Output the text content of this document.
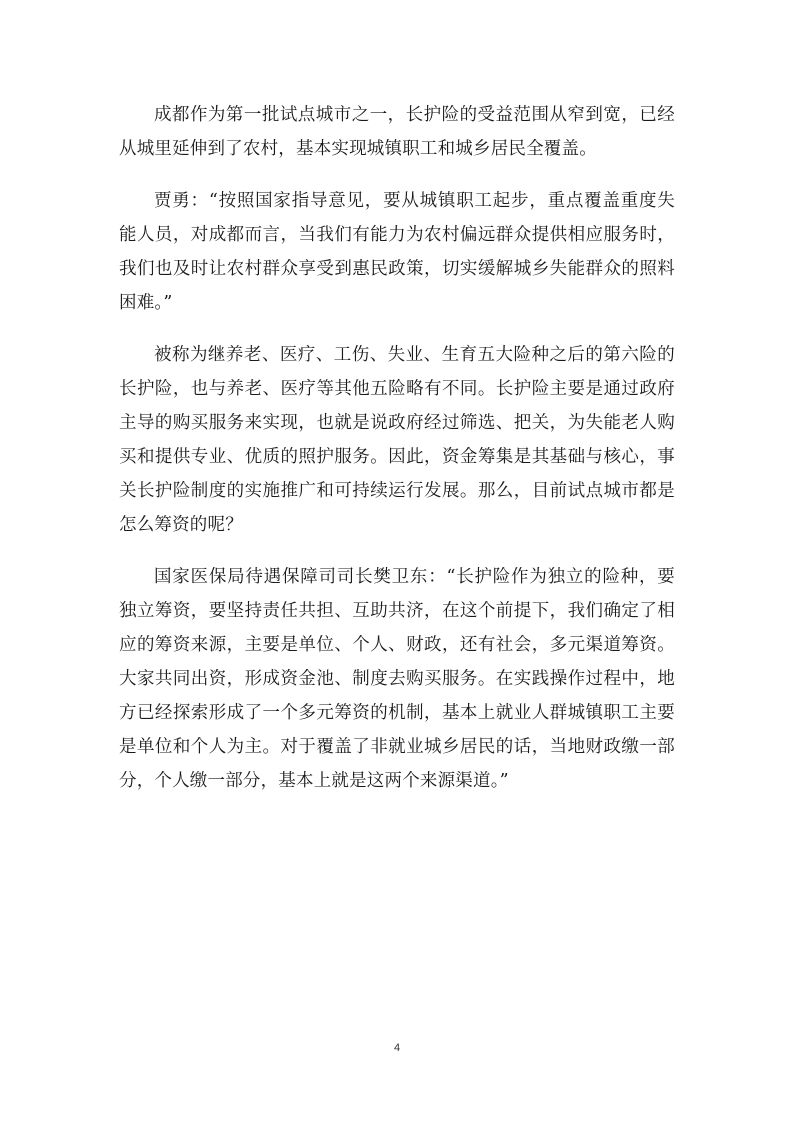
成都作为第一批试点城市之一，长护险的受益范围从窄到宽，已经从城里延伸到了农村，基本实现城镇职工和城乡居民全覆盖。

贾勇：“按照国家指导意见，要从城镇职工起步，重点覆盖重度失能人员，对成都而言，当我们有能力为农村偏远群众提供相应服务时，我们也及时让农村群众享受到惠民政策，切实缓解城乡失能群众的照料困难。”

被称为继养老、医疗、工伤、失业、生育五大险种之后的第六险的长护险，也与养老、医疗等其他五险略有不同。长护险主要是通过政府主导的购买服务来实现，也就是说政府经过筛选、把关，为失能老人购买和提供专业、优质的照护服务。因此，资金筹集是其基础与核心，事关长护险制度的实施推广和可持续运行发展。那么，目前试点城市都是怎么筹资的呢？

国家医保局待遇保障司司长樊卫东：“长护险作为独立的险种，要独立筹资，要坚持责任共担、互助共济，在这个前提下，我们确定了相应的筹资来源，主要是单位、个人、财政，还有社会，多元渠道筹资。大家共同出资，形成资金池、制度去购买服务。在实践操作过程中，地方已经探索形成了一个多元筹资的机制，基本上就业人群城镇职工主要是单位和个人为主。对于覆盖了非就业城乡居民的话，当地财政缴一部分，个人缴一部分，基本上就是这两个来源渠道。”

4
